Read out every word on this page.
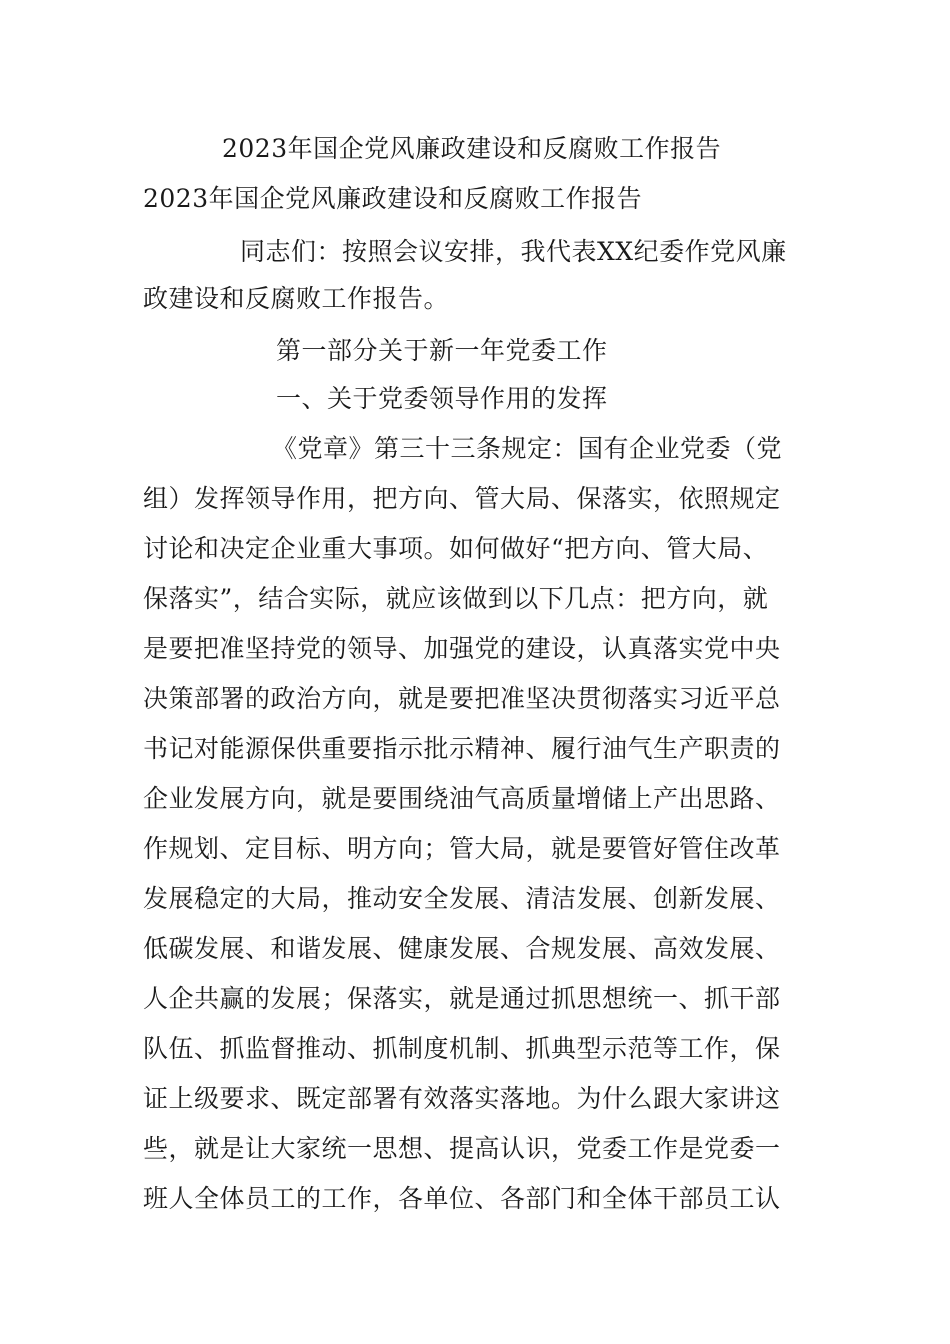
2023年国企党风廉政建设和反腐败工作报告
2023年国企党风廉政建设和反腐败工作报告
同志们：按照会议安排，我代表XX纪委作党风廉
政建设和反腐败工作报告。
第一部分关于新一年党委工作
一、关于党委领导作用的发挥
《党章》第三十三条规定：国有企业党委（党
组）发挥领导作用，把方向、管大局、保落实，依照规定
讨论和决定企业重大事项。如何做好“把方向、管大局、
保落实”，结合实际，就应该做到以下几点：把方向，就
是要把准坚持党的领导、加强党的建设，认真落实党中央
决策部署的政治方向，就是要把准坚决贯彻落实习近平总
书记对能源保供重要指示批示精神、履行油气生产职责的
企业发展方向，就是要围绕油气高质量增储上产出思路、
作规划、定目标、明方向；管大局，就是要管好管住改革
发展稳定的大局，推动安全发展、清洁发展、创新发展、
低碳发展、和谐发展、健康发展、合规发展、高效发展、
人企共赢的发展；保落实，就是通过抓思想统一、抓干部
队伍、抓监督推动、抓制度机制、抓典型示范等工作，保
证上级要求、既定部署有效落实落地。为什么跟大家讲这
些，就是让大家统一思想、提高认识，党委工作是党委一
班人全体员工的工作，各单位、各部门和全体干部员工认
